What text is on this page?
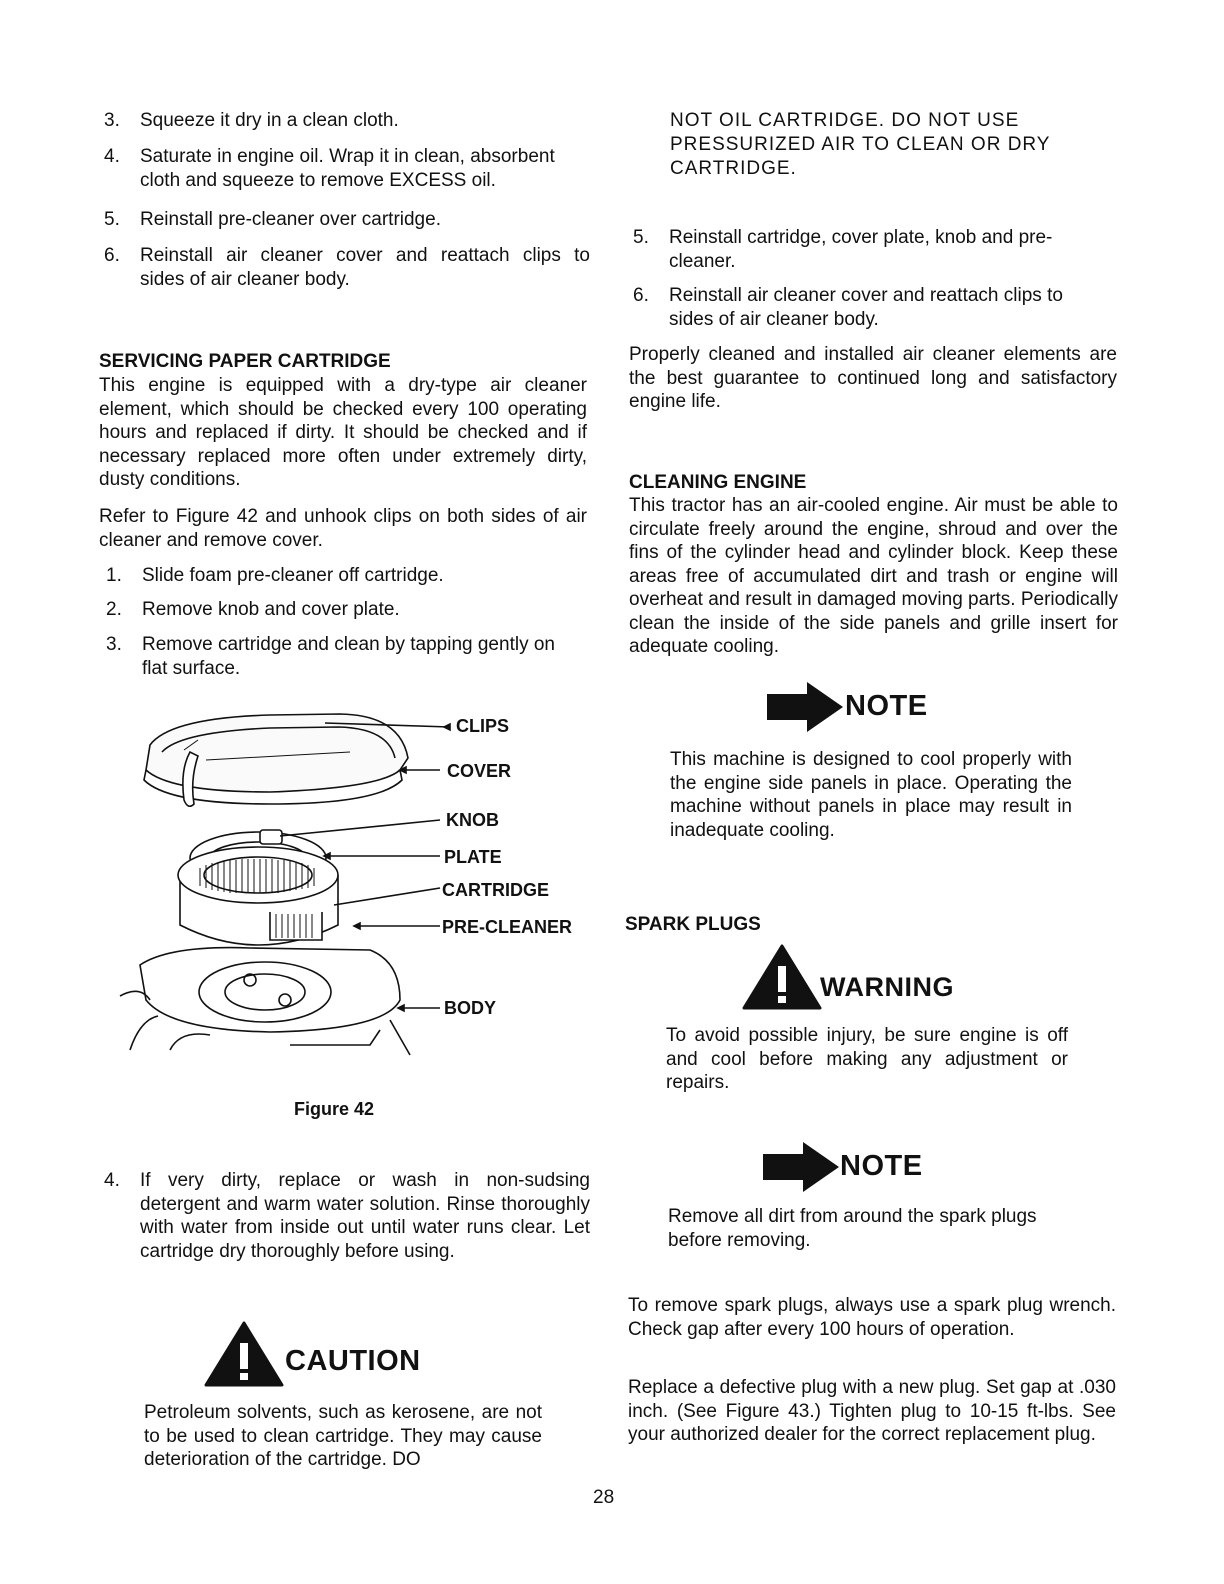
3. Squeeze it dry in a clean cloth.
4. Saturate in engine oil. Wrap it in clean, absorbent
cloth and squeeze to remove EXCESS oil.
5. Reinstall pre-cleaner over cartridge.
6. Reinstall air cleaner cover and reattach clips to
sides of air cleaner body.
SERVICING PAPER CARTRIDGE
This engine is equipped with a dry-type air cleaner element, which should be checked every 100 operating hours and replaced if dirty. It should be checked and if necessary replaced more often under extremely dirty, dusty conditions.
Refer to Figure 42 and unhook clips on both sides of air cleaner and remove cover.
1. Slide foam pre-cleaner off cartridge.
2. Remove knob and cover plate.
3. Remove cartridge and clean by tapping gently on
flat surface.
CLIPS
COVER
KNOB
PLATE
CARTRIDGE
PRE-CLEANER
BODY
Figure 42
4. If very dirty, replace or wash in non-sudsing detergent and warm water solution. Rinse thoroughly with water from inside out until water runs clear. Let cartridge dry thoroughly before using.
CAUTION
Petroleum solvents, such as kerosene, are not to be used to clean cartridge. They may cause deterioration of the cartridge. DO
NOT OIL CARTRIDGE. DO NOT USE
PRESSURIZED AIR TO CLEAN OR DRY
CARTRIDGE.
5. Reinstall cartridge, cover plate, knob and pre-
cleaner.
6. Reinstall air cleaner cover and reattach clips to
sides of air cleaner body.
Properly cleaned and installed air cleaner elements are the best guarantee to continued long and satisfactory engine life.
CLEANING ENGINE
This tractor has an air-cooled engine. Air must be able to circulate freely around the engine, shroud and over the fins of the cylinder head and cylinder block. Keep these areas free of accumulated dirt and trash or engine will overheat and result in damaged moving parts. Periodically clean the inside of the side panels and grille insert for adequate cooling.
NOTE
This machine is designed to cool properly with the engine side panels in place. Operating the machine without panels in place may result in inadequate cooling.
SPARK PLUGS
WARNING
To avoid possible injury, be sure engine is off and cool before making any adjustment or repairs.
NOTE
Remove all dirt from around the spark plugs before removing.
To remove spark plugs, always use a spark plug wrench. Check gap after every 100 hours of operation.
Replace a defective plug with a new plug. Set gap at .030 inch. (See Figure 43.) Tighten plug to 10-15 ft-lbs. See your authorized dealer for the correct replacement plug.
28
